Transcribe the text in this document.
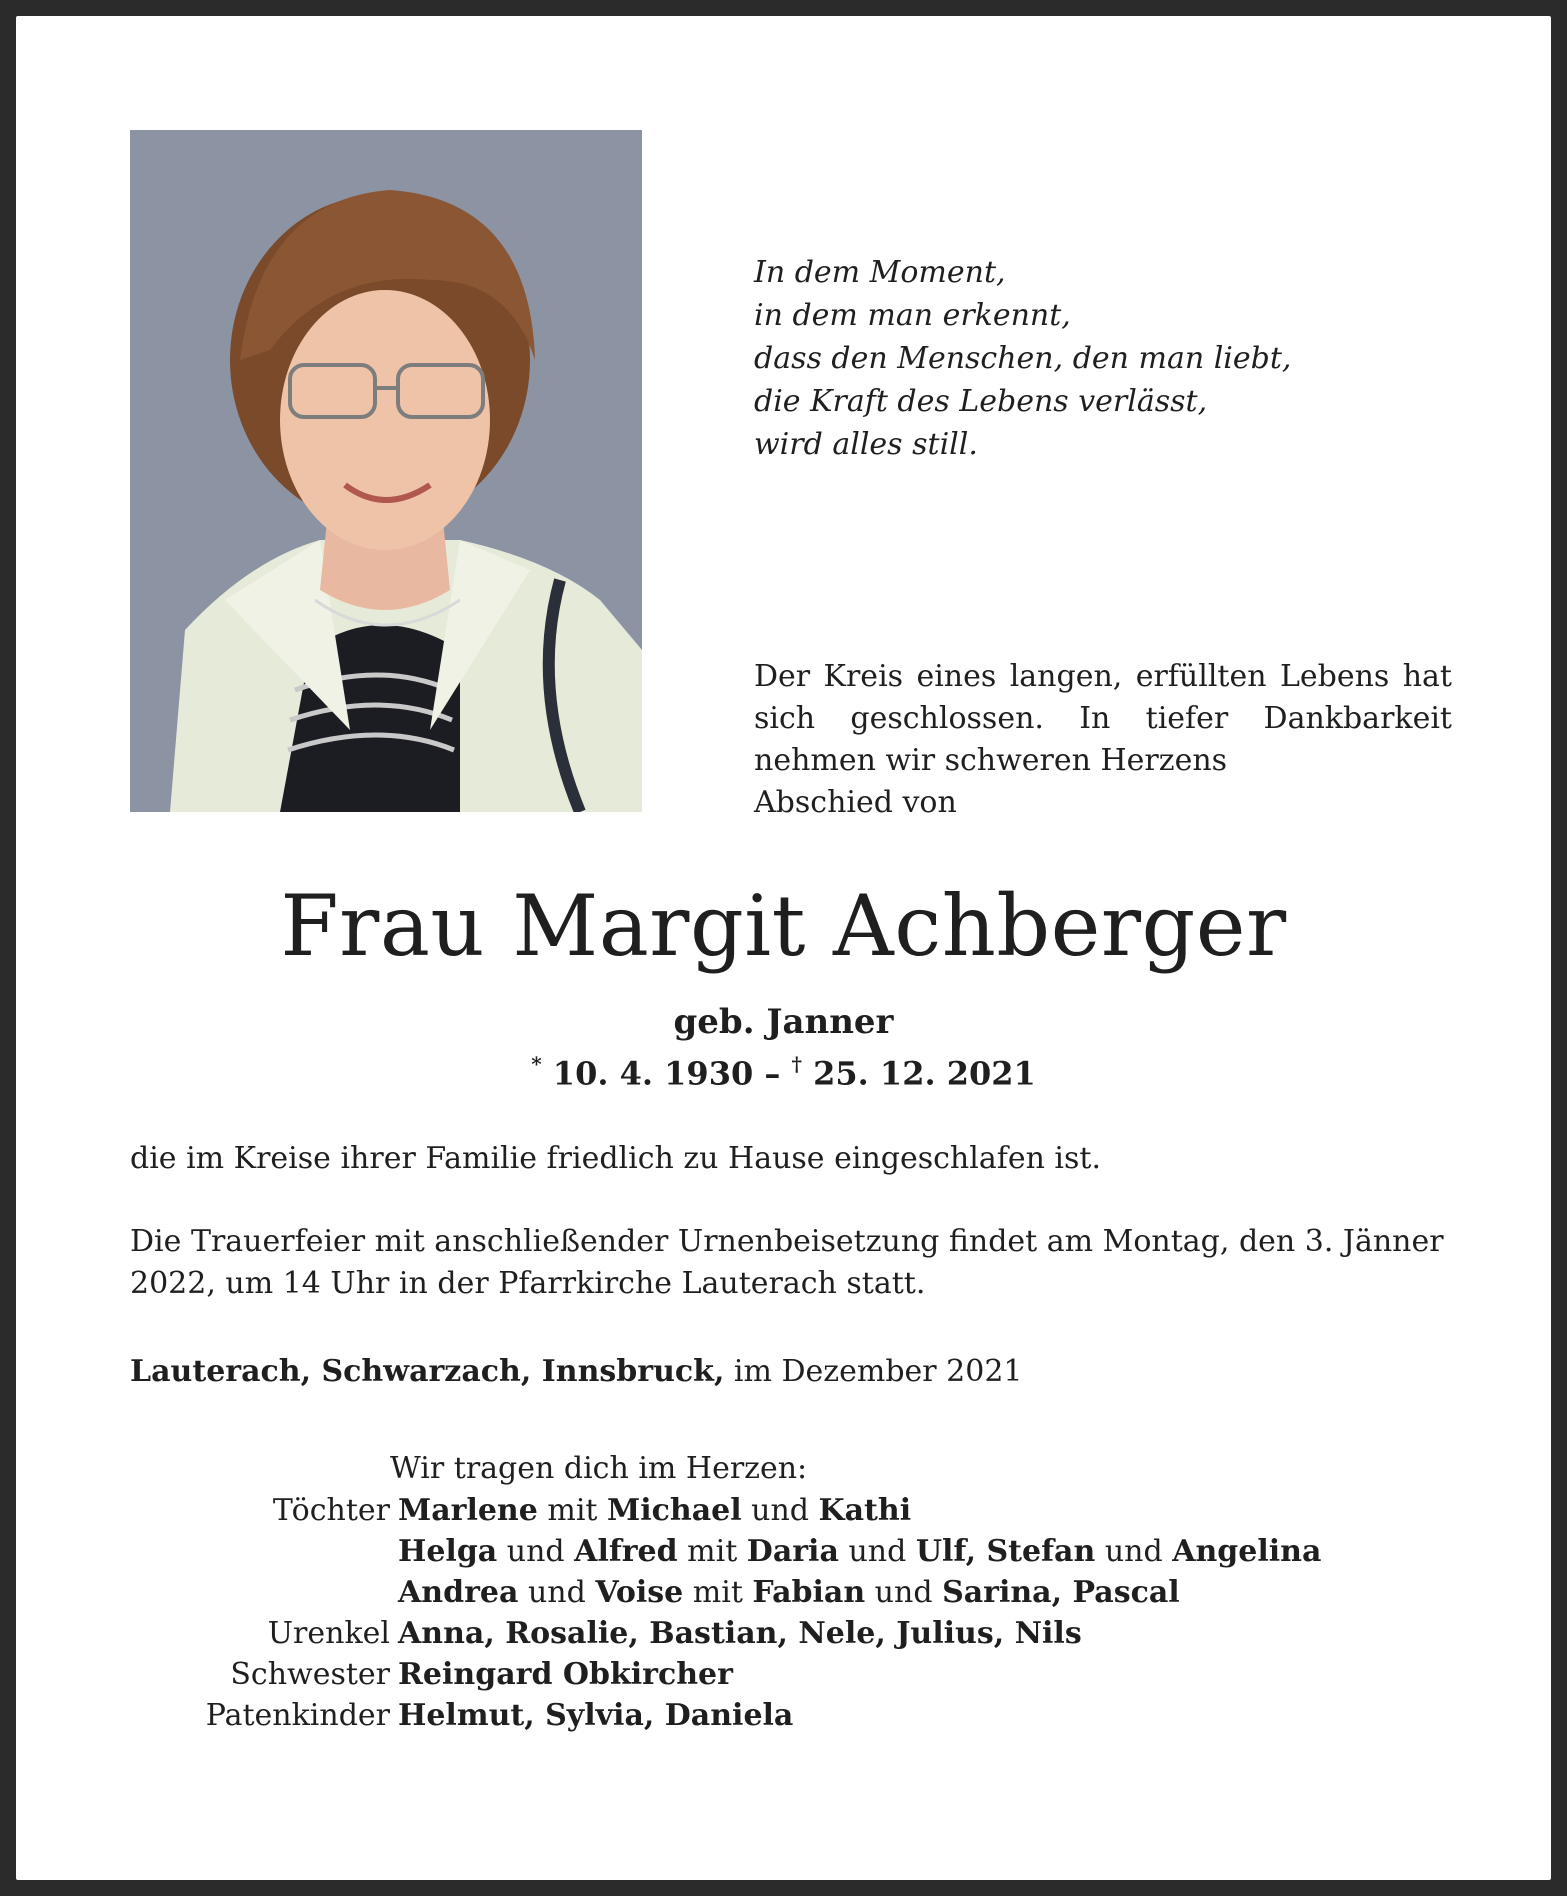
In dem Moment,
in dem man erkennt,
dass den Menschen, den man liebt,
die Kraft des Lebens verlässt,
wird alles still.
Der Kreis eines langen, erfüllten Lebens hat sich geschlossen. In tiefer Dankbarkeit nehmen wir schweren Herzens
Abschied von
Frau Margit Achberger
geb. Janner
* 10. 4. 1930 – † 25. 12. 2021
die im Kreise ihrer Familie friedlich zu Hause eingeschlafen ist.
Die Trauerfeier mit anschließender Urnenbeisetzung findet am Montag, den 3. Jänner 2022, um 14 Uhr in der Pfarrkirche Lauterach statt.
Lauterach, Schwarzach, Innsbruck, im Dezember 2021
Wir tragen dich im Herzen:
Töchter	Marlene mit Michael und Kathi
	Helga und Alfred mit Daria und Ulf, Stefan und Angelina
	Andrea und Voise mit Fabian und Sarina, Pascal
Urenkel	Anna, Rosalie, Bastian, Nele, Julius, Nils
Schwester	Reingard Obkircher
Patenkinder	Helmut, Sylvia, Daniela
